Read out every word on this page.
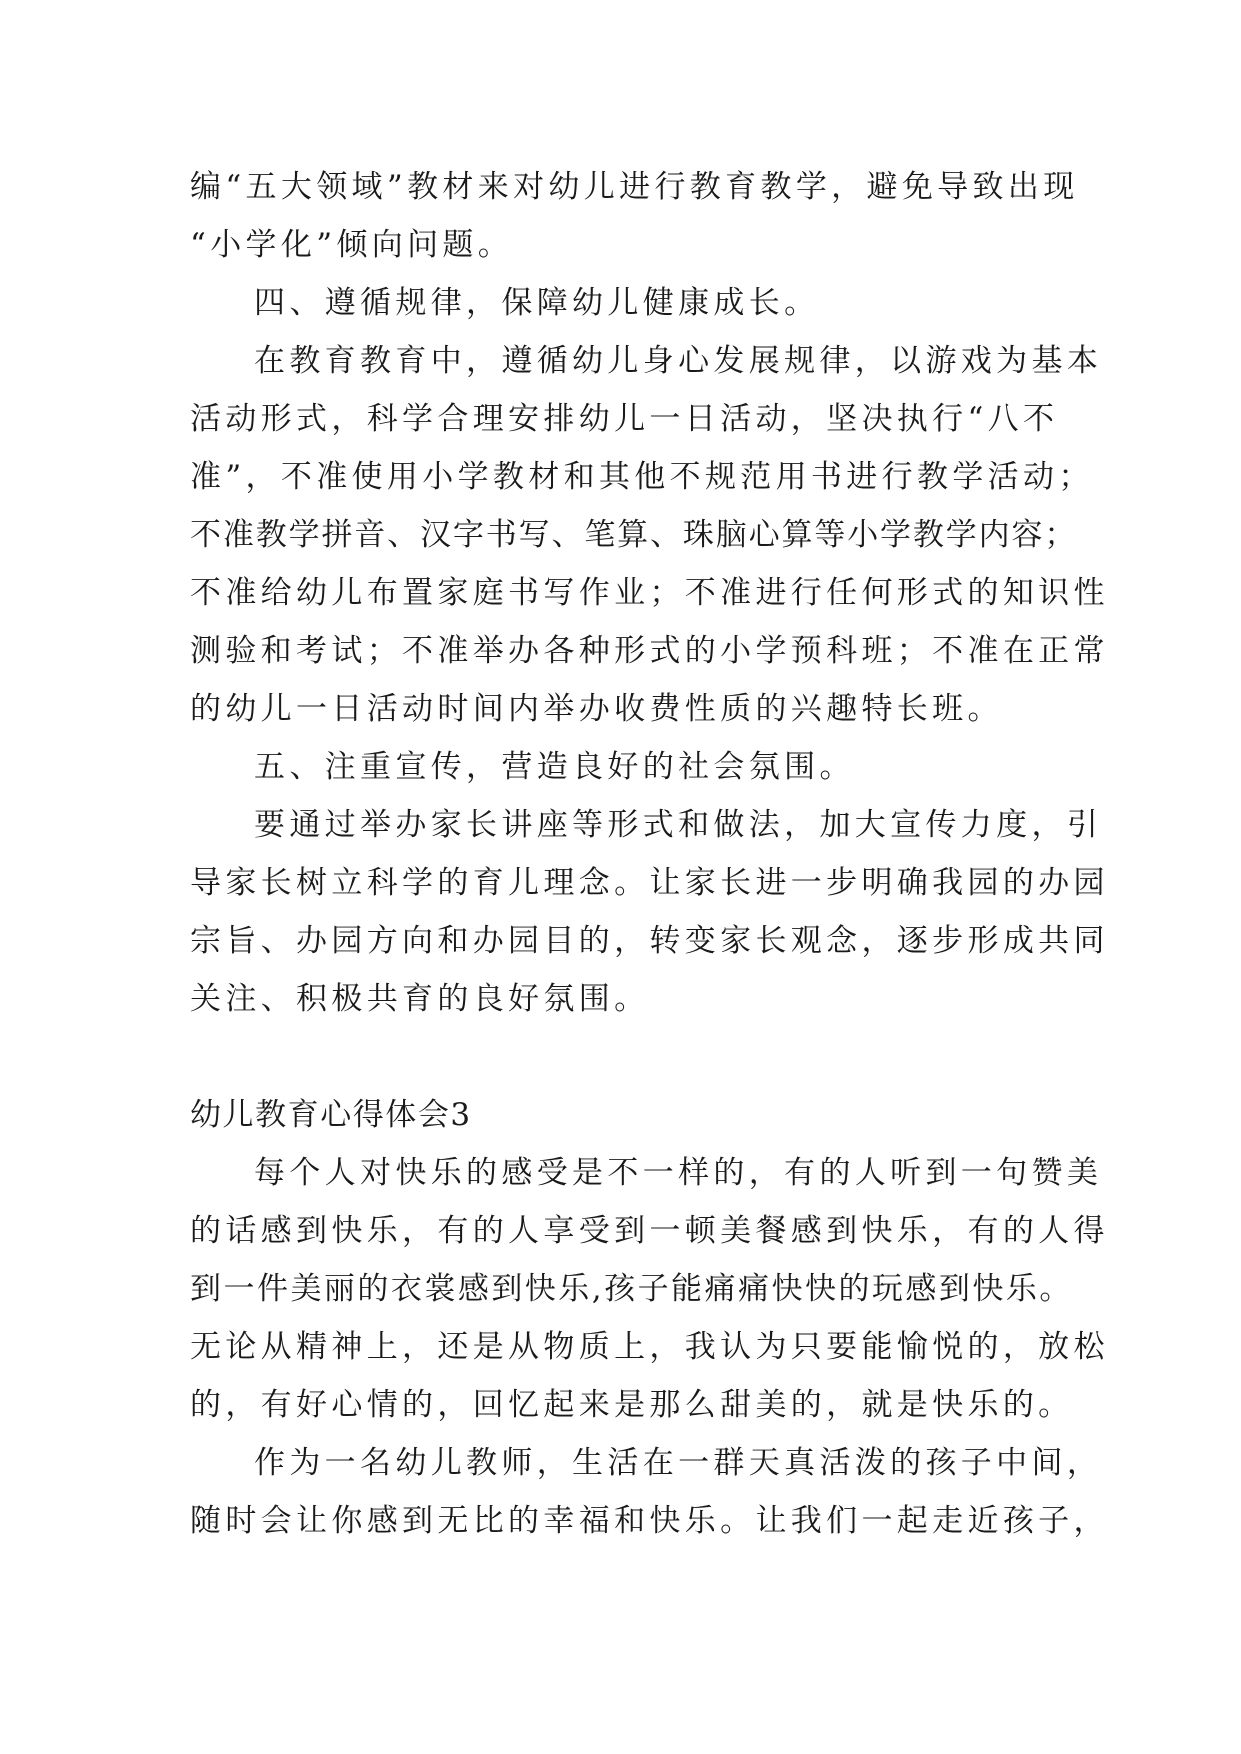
编“五大领域”教材来对幼儿进行教育教学，避免导致出现
“小学化”倾向问题。
四、遵循规律，保障幼儿健康成长。
在教育教育中，遵循幼儿身心发展规律，以游戏为基本
活动形式，科学合理安排幼儿一日活动，坚决执行“八不
准”，不准使用小学教材和其他不规范用书进行教学活动；
不准教学拼音、汉字书写、笔算、珠脑心算等小学教学内容；
不准给幼儿布置家庭书写作业；不准进行任何形式的知识性
测验和考试；不准举办各种形式的小学预科班；不准在正常
的幼儿一日活动时间内举办收费性质的兴趣特长班。
五、注重宣传，营造良好的社会氛围。
要通过举办家长讲座等形式和做法，加大宣传力度，引
导家长树立科学的育儿理念。让家长进一步明确我园的办园
宗旨、办园方向和办园目的，转变家长观念，逐步形成共同
关注、积极共育的良好氛围。
幼儿教育心得体会3
每个人对快乐的感受是不一样的，有的人听到一句赞美
的话感到快乐，有的人享受到一顿美餐感到快乐，有的人得
到一件美丽的衣裳感到快乐,孩子能痛痛快快的玩感到快乐。
无论从精神上，还是从物质上，我认为只要能愉悦的，放松
的，有好心情的，回忆起来是那么甜美的，就是快乐的。
作为一名幼儿教师，生活在一群天真活泼的孩子中间，
随时会让你感到无比的幸福和快乐。让我们一起走近孩子，
